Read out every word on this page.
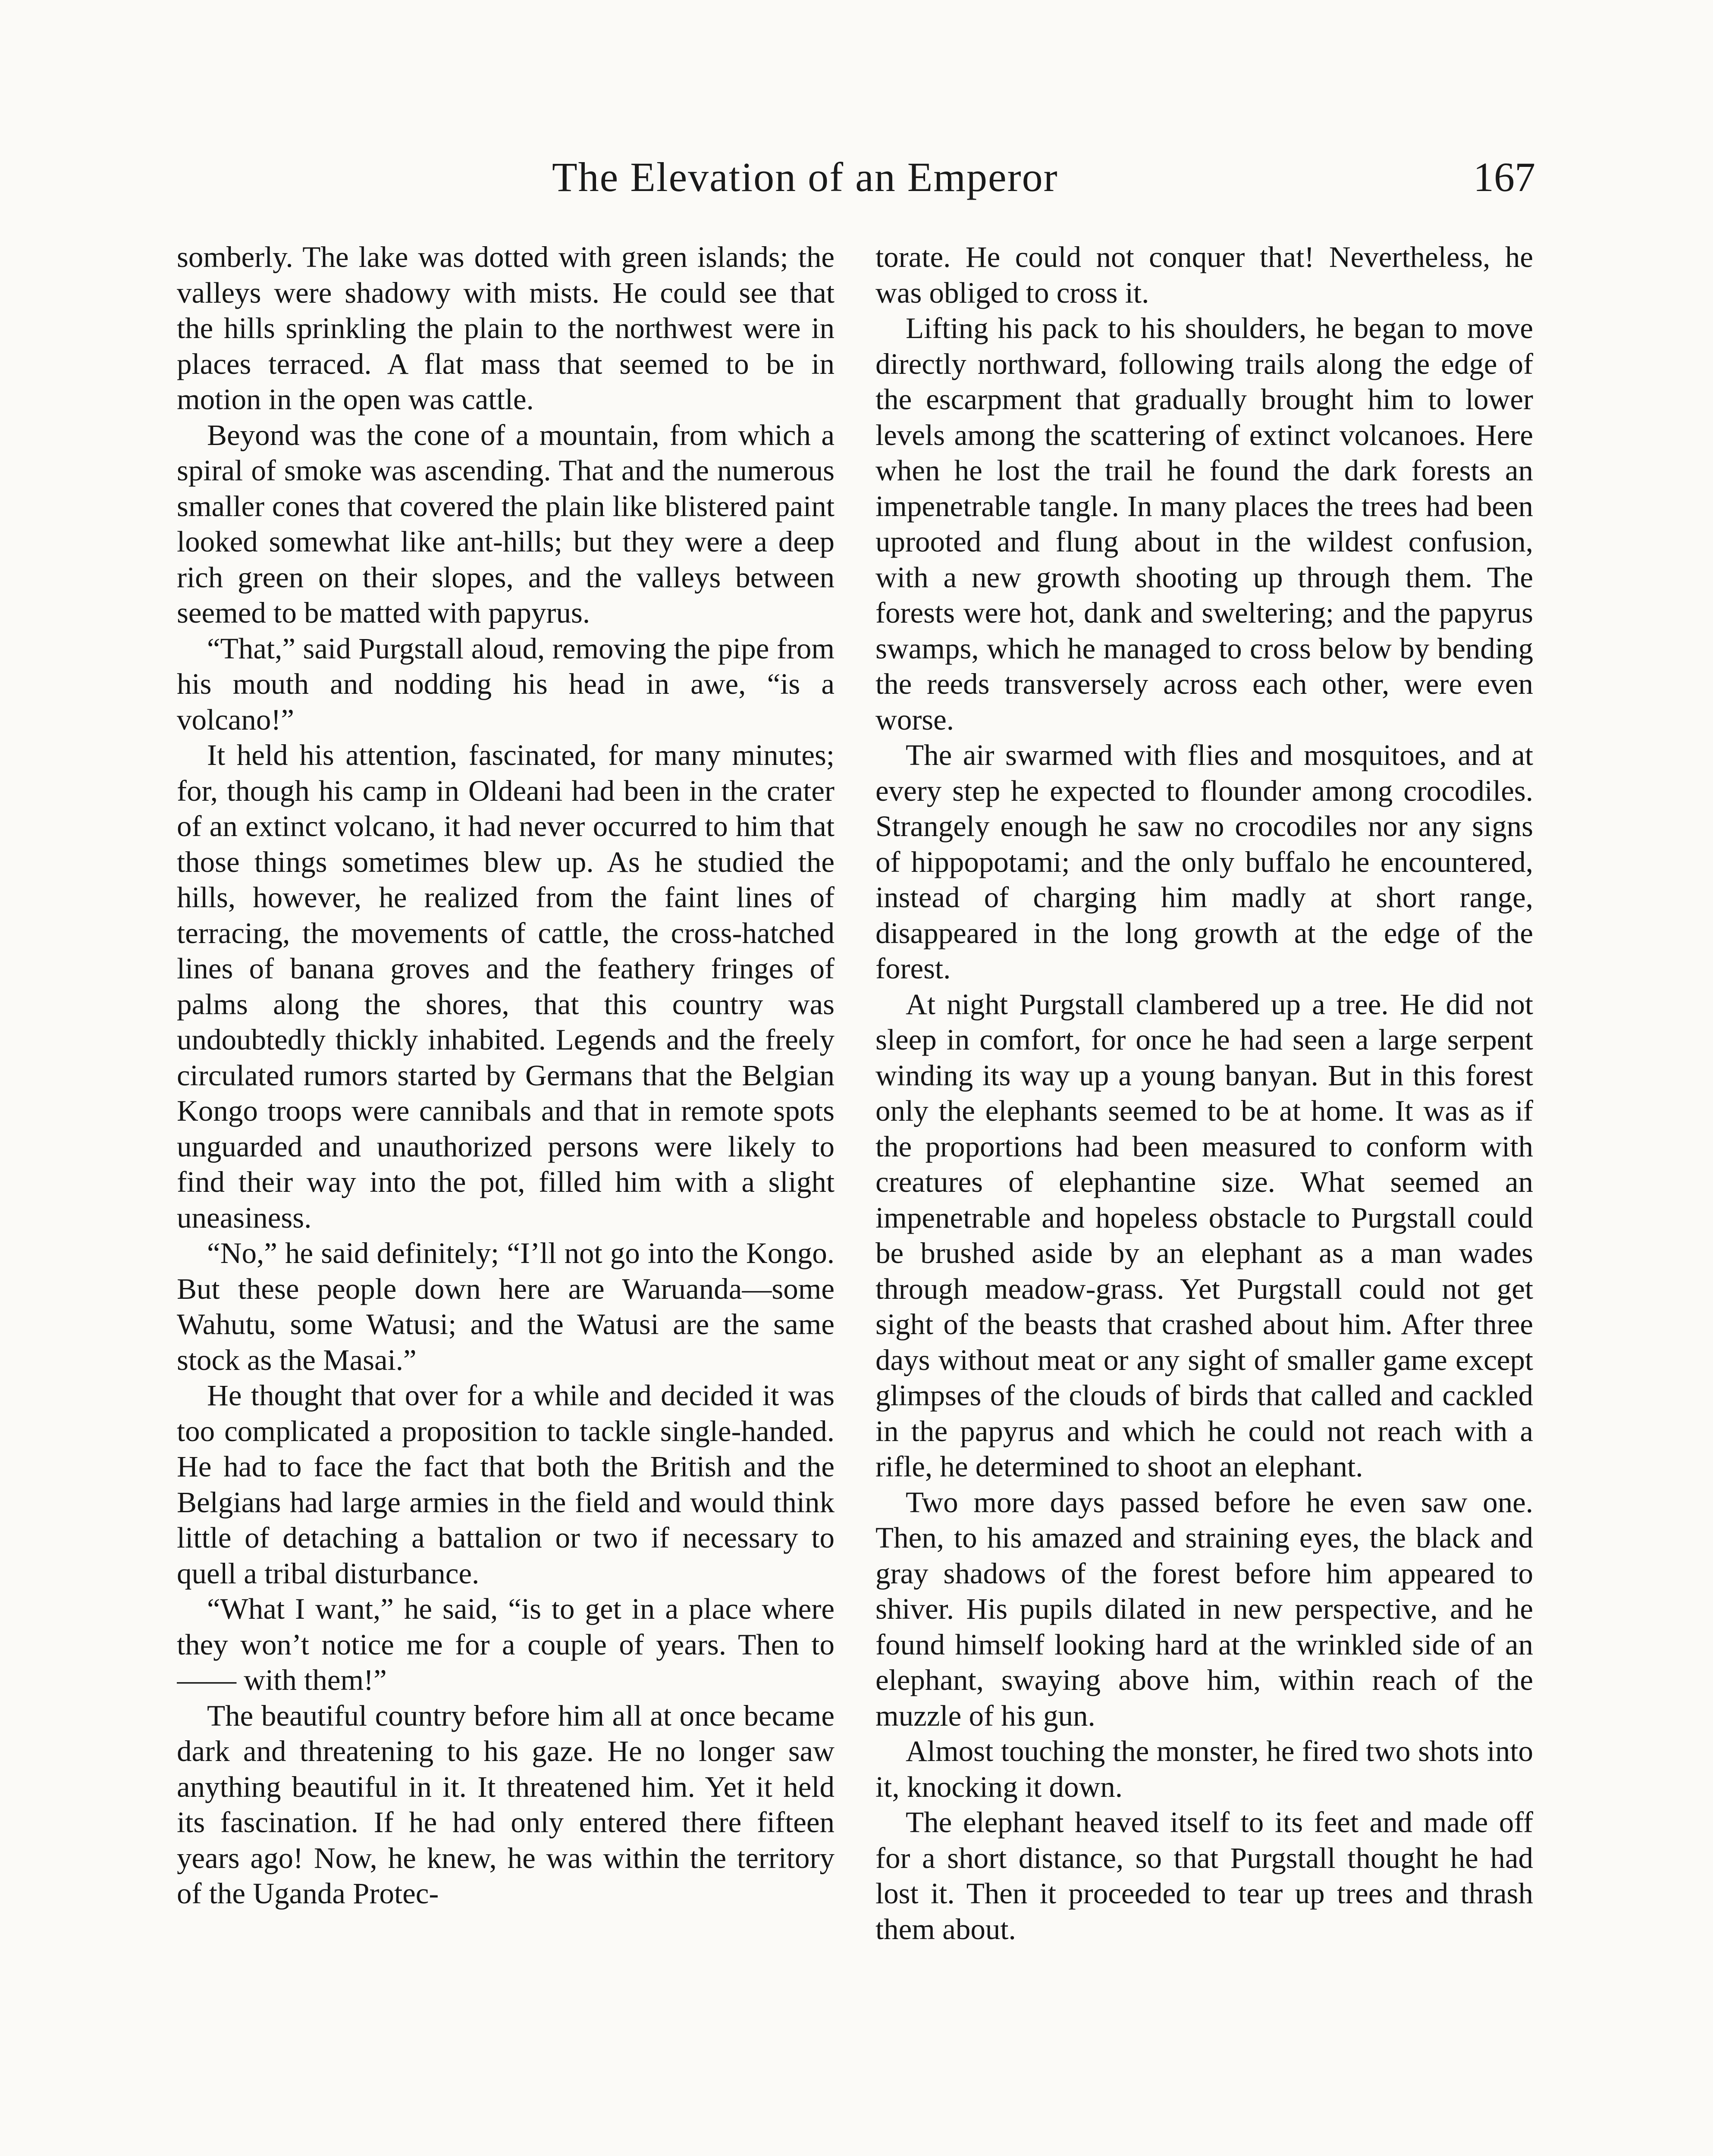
The Elevation of an Emperor	167

somberly. The lake was dotted with green islands; the valleys were shadowy with mists. He could see that the hills sprinkling the plain to the northwest were in places terraced. A flat mass that seemed to be in motion in the open was cattle.

Beyond was the cone of a mountain, from which a spiral of smoke was ascending. That and the numerous smaller cones that covered the plain like blistered paint looked somewhat like ant-hills; but they were a deep rich green on their slopes, and the valleys between seemed to be matted with papyrus.

“That,” said Purgstall aloud, removing the pipe from his mouth and nodding his head in awe, “is a volcano!”

It held his attention, fascinated, for many minutes; for, though his camp in Oldeani had been in the crater of an extinct volcano, it had never occurred to him that those things sometimes blew up. As he studied the hills, however, he realized from the faint lines of terracing, the movements of cattle, the cross-hatched lines of banana groves and the feathery fringes of palms along the shores, that this country was undoubtedly thickly inhabited. Legends and the freely circulated rumors started by Germans that the Belgian Kongo troops were cannibals and that in remote spots unguarded and unauthorized persons were likely to find their way into the pot, filled him with a slight uneasiness.

“No,” he said definitely; “I’ll not go into the Kongo. But these people down here are Waruanda—some Wahutu, some Watusi; and the Watusi are the same stock as the Masai.”

He thought that over for a while and decided it was too complicated a proposition to tackle single-handed. He had to face the fact that both the British and the Belgians had large armies in the field and would think little of detaching a battalion or two if necessary to quell a tribal disturbance.

“What I want,” he said, “is to get in a place where they won’t notice me for a couple of years. Then to —— with them!”

The beautiful country before him all at once became dark and threatening to his gaze. He no longer saw anything beautiful in it. It threatened him. Yet it held its fascination. If he had only entered there fifteen years ago! Now, he knew, he was within the territory of the Uganda Protec-

torate. He could not conquer that! Nevertheless, he was obliged to cross it.

Lifting his pack to his shoulders, he began to move directly northward, following trails along the edge of the escarpment that gradually brought him to lower levels among the scattering of extinct volcanoes. Here when he lost the trail he found the dark forests an impenetrable tangle. In many places the trees had been uprooted and flung about in the wildest confusion, with a new growth shooting up through them. The forests were hot, dank and sweltering; and the papyrus swamps, which he managed to cross below by bending the reeds transversely across each other, were even worse.

The air swarmed with flies and mosquitoes, and at every step he expected to flounder among crocodiles. Strangely enough he saw no crocodiles nor any signs of hippopotami; and the only buffalo he encountered, instead of charging him madly at short range, disappeared in the long growth at the edge of the forest.

At night Purgstall clambered up a tree. He did not sleep in comfort, for once he had seen a large serpent winding its way up a young banyan. But in this forest only the elephants seemed to be at home. It was as if the proportions had been measured to conform with creatures of elephantine size. What seemed an impenetrable and hopeless obstacle to Purgstall could be brushed aside by an elephant as a man wades through meadow-grass. Yet Purgstall could not get sight of the beasts that crashed about him. After three days without meat or any sight of smaller game except glimpses of the clouds of birds that called and cackled in the papyrus and which he could not reach with a rifle, he determined to shoot an elephant.

Two more days passed before he even saw one. Then, to his amazed and straining eyes, the black and gray shadows of the forest before him appeared to shiver. His pupils dilated in new perspective, and he found himself looking hard at the wrinkled side of an elephant, swaying above him, within reach of the muzzle of his gun.

Almost touching the monster, he fired two shots into it, knocking it down.

The elephant heaved itself to its feet and made off for a short distance, so that Purgstall thought he had lost it. Then it proceeded to tear up trees and thrash them about.
